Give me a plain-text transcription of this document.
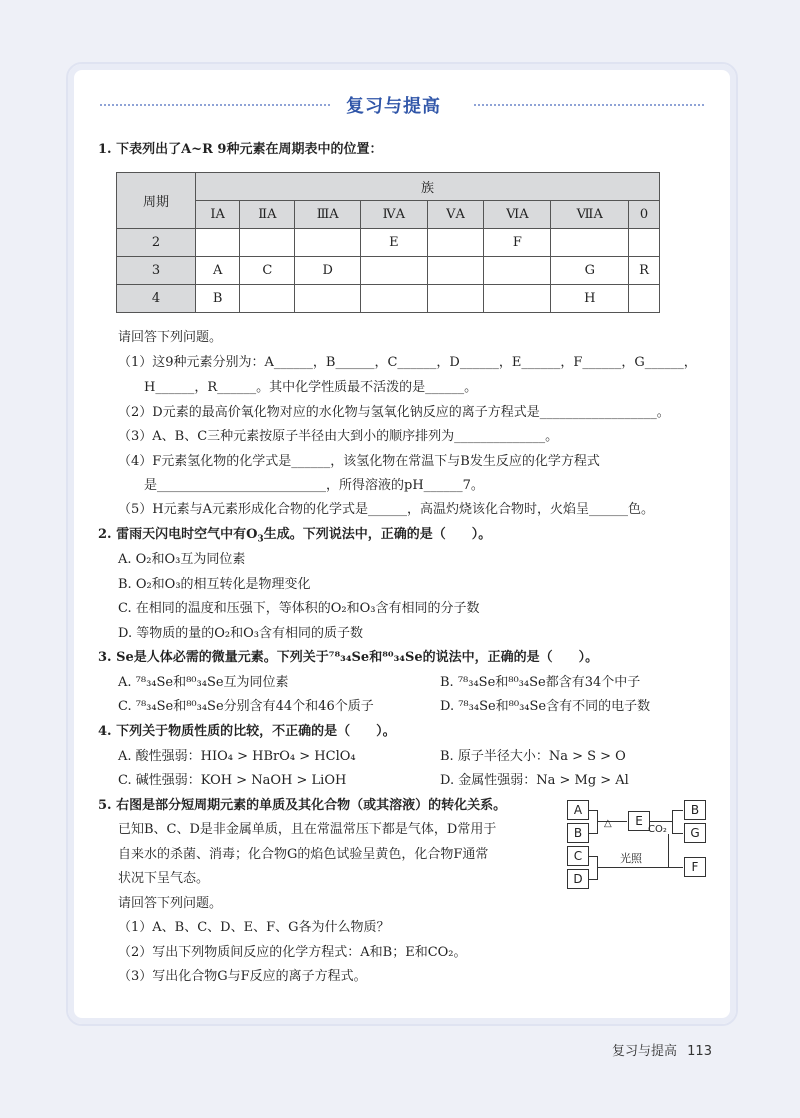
复习与提高
1. 下表列出了A~R 9种元素在周期表中的位置：
周期	族							
	ⅠA	ⅡA	ⅢA	ⅣA	ⅤA	ⅥA	ⅦA	0
2				E		F		
3	A	C	D				G	R
4	B						H	
请回答下列问题。
（1）这9种元素分别为：A______，B______，C______，D______，E______，F______，G______，
H______，R______。其中化学性质最不活泼的是______。
（2）D元素的最高价氧化物对应的水化物与氢氧化钠反应的离子方程式是__________________。
（3）A、B、C三种元素按原子半径由大到小的顺序排列为______________。
（4）F元素氢化物的化学式是______，该氢化物在常温下与B发生反应的化学方程式
是__________________________，所得溶液的pH______7。
（5）H元素与A元素形成化合物的化学式是______，高温灼烧该化合物时，火焰呈______色。
2. 雷雨天闪电时空气中有$O_3$生成。下列说法中，正确的是（　　）。
A. O₂和O₃互为同位素
B. O₂和O₃的相互转化是物理变化
C. 在相同的温度和压强下，等体积的O₂和O₃含有相同的分子数
D. 等物质的量的O₂和O₃含有相同的质子数
3. Se是人体必需的微量元素。下列关于⁷⁸₃₄Se和⁸⁰₃₄Se的说法中，正确的是（　　）。
A. ⁷⁸₃₄Se和⁸⁰₃₄Se互为同位素	B. ⁷⁸₃₄Se和⁸⁰₃₄Se都含有34个中子
C. ⁷⁸₃₄Se和⁸⁰₃₄Se分别含有44个和46个质子	D. ⁷⁸₃₄Se和⁸⁰₃₄Se含有不同的电子数
4. 下列关于物质性质的比较，不正确的是（　　）。
A. 酸性强弱：HIO₄ > HBrO₄ > HClO₄	B. 原子半径大小：Na > S > O
C. 碱性强弱：KOH > NaOH > LiOH	D. 金属性强弱：Na > Mg > Al
5. 右图是部分短周期元素的单质及其化合物（或其溶液）的转化关系。
已知B、C、D是非金属单质，且在常温常压下都是气体，D常用于
自来水的杀菌、消毒；化合物G的焰色试验呈黄色，化合物F通常
状况下呈气态。
请回答下列问题。
（1）A、B、C、D、E、F、G各为什么物质？
（2）写出下列物质间反应的化学方程式：A和B；E和CO₂。
（3）写出化合物G与F反应的离子方程式。
A
B
C
D
E
B
G
F
△
CO₂
光照
复习与提高 113
